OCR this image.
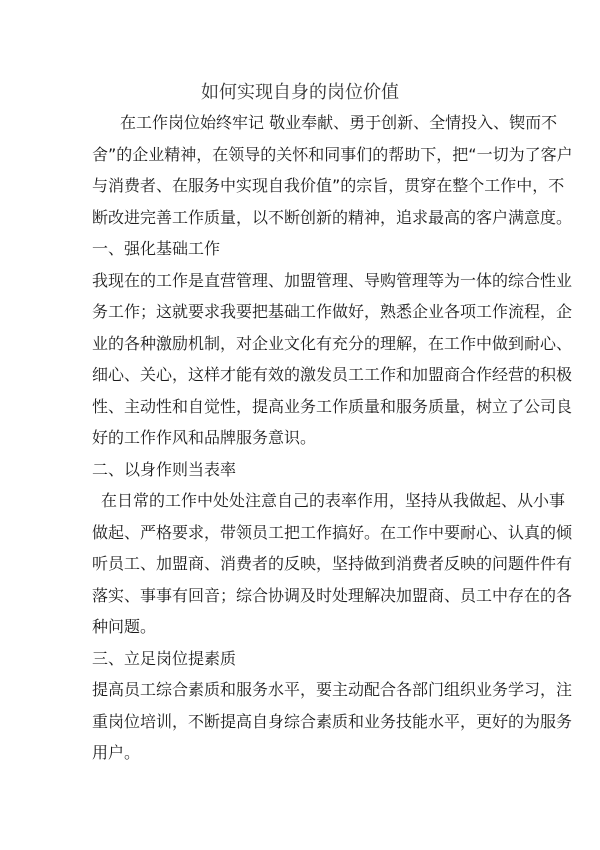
如何实现自身的岗位价值
在工作岗位始终牢记 敬业奉献、勇于创新、全情投入、锲而不
舍”的企业精神，在领导的关怀和同事们的帮助下，把“一切为了客户
与消费者、在服务中实现自我价值”的宗旨，贯穿在整个工作中，不
断改进完善工作质量，以不断创新的精神，追求最高的客户满意度。
一、强化基础工作
我现在的工作是直营管理、加盟管理、导购管理等为一体的综合性业
务工作；这就要求我要把基础工作做好，熟悉企业各项工作流程，企
业的各种激励机制，对企业文化有充分的理解，在工作中做到耐心、
细心、关心，这样才能有效的激发员工工作和加盟商合作经营的积极
性、主动性和自觉性，提高业务工作质量和服务质量，树立了公司良
好的工作作风和品牌服务意识。
二、以身作则当表率
在日常的工作中处处注意自己的表率作用，坚持从我做起、从小事
做起、严格要求，带领员工把工作搞好。在工作中要耐心、认真的倾
听员工、加盟商、消费者的反映，坚持做到消费者反映的问题件件有
落实、事事有回音；综合协调及时处理解决加盟商、员工中存在的各
种问题。
三、立足岗位提素质
提高员工综合素质和服务水平，要主动配合各部门组织业务学习，注
重岗位培训，不断提高自身综合素质和业务技能水平，更好的为服务
用户。
